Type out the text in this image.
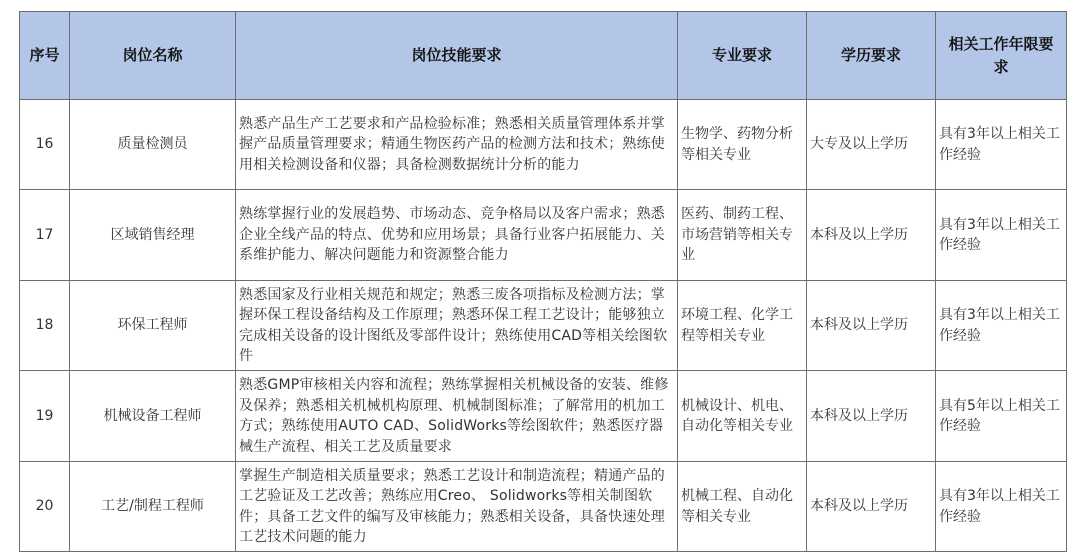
序号	岗位名称	岗位技能要求	专业要求	学历要求	相关工作年限要求
16	质量检测员	熟悉产品生产工艺要求和产品检验标准；熟悉相关质量管理体系并掌握产品质量管理要求；精通生物医药产品的检测方法和技术；熟练使用相关检测设备和仪器；具备检测数据统计分析的能力	生物学、药物分析等相关专业	大专及以上学历	具有3年以上相关工作经验
17	区域销售经理	熟练掌握行业的发展趋势、市场动态、竞争格局以及客户需求；熟悉企业全线产品的特点、优势和应用场景；具备行业客户拓展能力、关系维护能力、解决问题能力和资源整合能力	医药、制药工程、市场营销等相关专业	本科及以上学历	具有3年以上相关工作经验
18	环保工程师	熟悉国家及行业相关规范和规定；熟悉三废各项指标及检测方法；掌握环保工程设备结构及工作原理；熟悉环保工程工艺设计；能够独立完成相关设备的设计图纸及零部件设计；熟练使用CAD等相关绘图软件	环境工程、化学工程等相关专业	本科及以上学历	具有3年以上相关工作经验
19	机械设备工程师	熟悉GMP审核相关内容和流程；熟练掌握相关机械设备的安装、维修及保养；熟悉相关机械机构原理、机械制图标准；了解常用的机加工方式；熟练使用AUTO CAD、SolidWorks等绘图软件；熟悉医疗器械生产流程、相关工艺及质量要求	机械设计、机电、自动化等相关专业	本科及以上学历	具有5年以上相关工作经验
20	工艺/制程工程师	掌握生产制造相关质量要求；熟悉工艺设计和制造流程；精通产品的工艺验证及工艺改善；熟练应用Creo、 Solidworks等相关制图软件；具备工艺文件的编写及审核能力；熟悉相关设备，具备快速处理工艺技术问题的能力	机械工程、自动化等相关专业	本科及以上学历	具有3年以上相关工作经验
